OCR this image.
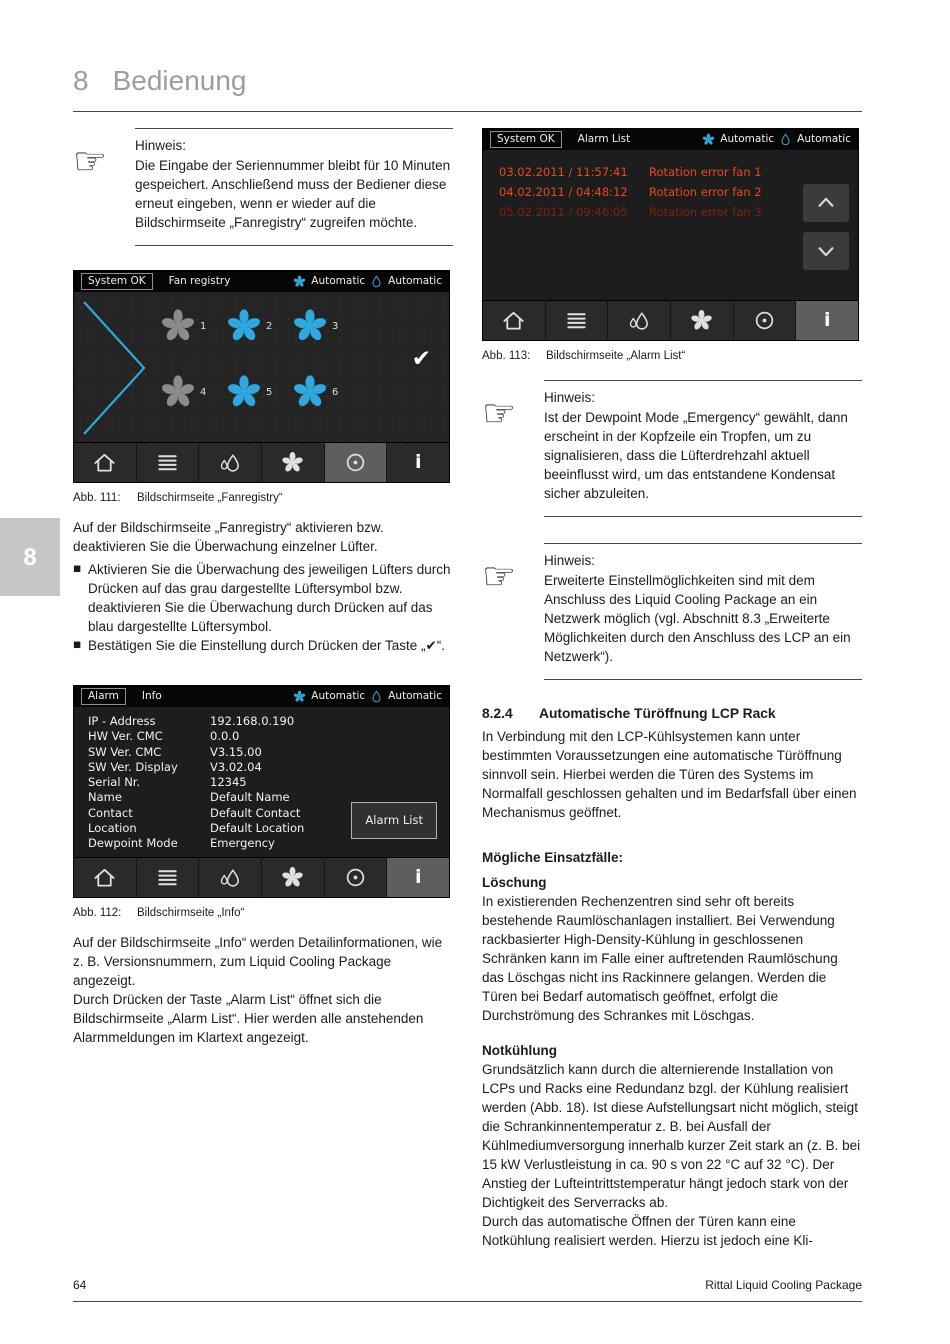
8 Bedienung
8
☞	Hinweis:
Die Eingabe der Seriennummer bleibt für 10 Minuten gespeichert. Anschließend muss der Bediener diese erneut eingeben, wenn er wieder auf die Bildschirmseite „Fanregistry“ zugreifen möchte.
System OK	Fan registry	Automatic Automatic
1	2	3
4	5	6
✔
i
Abb. 111:	Bildschirmseite „Fanregistry“
Auf der Bildschirmseite „Fanregistry“ aktivieren bzw. deaktivieren Sie die Überwachung einzelner Lüfter.
■ Aktivieren Sie die Überwachung des jeweiligen Lüfters durch Drücken auf das grau dargestellte Lüftersymbol bzw. deaktivieren Sie die Überwachung durch Drücken auf das blau dargestellte Lüftersymbol.
■ Bestätigen Sie die Einstellung durch Drücken der Taste „✔“.
Alarm	Info	Automatic Automatic
IP - Address	192.168.0.190
HW Ver. CMC	0.0.0
SW Ver. CMC	V3.15.00
SW Ver. Display	V3.02.04
Serial Nr.	12345
Name	Default Name
Contact	Default Contact
Location	Default Location
Dewpoint Mode	Emergency
Alarm List
i
Abb. 112:	Bildschirmseite „Info“
Auf der Bildschirmseite „Info“ werden Detailinformationen, wie z. B. Versionsnummern, zum Liquid Cooling Package angezeigt.
Durch Drücken der Taste „Alarm List“ öffnet sich die Bildschirmseite „Alarm List“. Hier werden alle anstehenden Alarmmeldungen im Klartext angezeigt.
System OK	Alarm List	Automatic Automatic
03.02.2011 / 11:57:41	Rotation error fan 1
04.02.2011 / 04:48:12	Rotation error fan 2
05.02.2011 / 09:46:05	Rotation error fan 3
i
Abb. 113:	Bildschirmseite „Alarm List“
☞	Hinweis:
Ist der Dewpoint Mode „Emergency“ gewählt, dann erscheint in der Kopfzeile ein Tropfen, um zu signalisieren, dass die Lüfterdrehzahl aktuell beeinflusst wird, um das entstandene Kondensat sicher abzuleiten.
☞	Hinweis:
Erweiterte Einstellmöglichkeiten sind mit dem Anschluss des Liquid Cooling Package an ein Netzwerk möglich (vgl. Abschnitt 8.3 „Erweiterte Möglichkeiten durch den Anschluss des LCP an ein Netzwerk“).
8.2.4	Automatische Türöffnung LCP Rack
In Verbindung mit den LCP-Kühlsystemen kann unter bestimmten Voraussetzungen eine automatische Türöffnung sinnvoll sein. Hierbei werden die Türen des Systems im Normalfall geschlossen gehalten und im Bedarfsfall über einen Mechanismus geöffnet.
Mögliche Einsatzfälle:
Löschung
In existierenden Rechenzentren sind sehr oft bereits bestehende Raumlöschanlagen installiert. Bei Verwendung rackbasierter High-Density-Kühlung in geschlossenen Schränken kann im Falle einer auftretenden Raumlöschung das Löschgas nicht ins Rackinnere gelangen. Werden die Türen bei Bedarf automatisch geöffnet, erfolgt die Durchströmung des Schrankes mit Löschgas.
Notkühlung
Grundsätzlich kann durch die alternierende Installation von LCPs und Racks eine Redundanz bzgl. der Kühlung realisiert werden (Abb. 18). Ist diese Aufstellungsart nicht möglich, steigt die Schrankinnentemperatur z. B. bei Ausfall der Kühlmediumversorgung innerhalb kurzer Zeit stark an (z. B. bei 15 kW Verlustleistung in ca. 90 s von 22 °C auf 32 °C). Der Anstieg der Lufteintrittstemperatur hängt jedoch stark von der Dichtigkeit des Serverracks ab.
Durch das automatische Öffnen der Türen kann eine Notkühlung realisiert werden. Hierzu ist jedoch eine Kli-
64	Rittal Liquid Cooling Package
